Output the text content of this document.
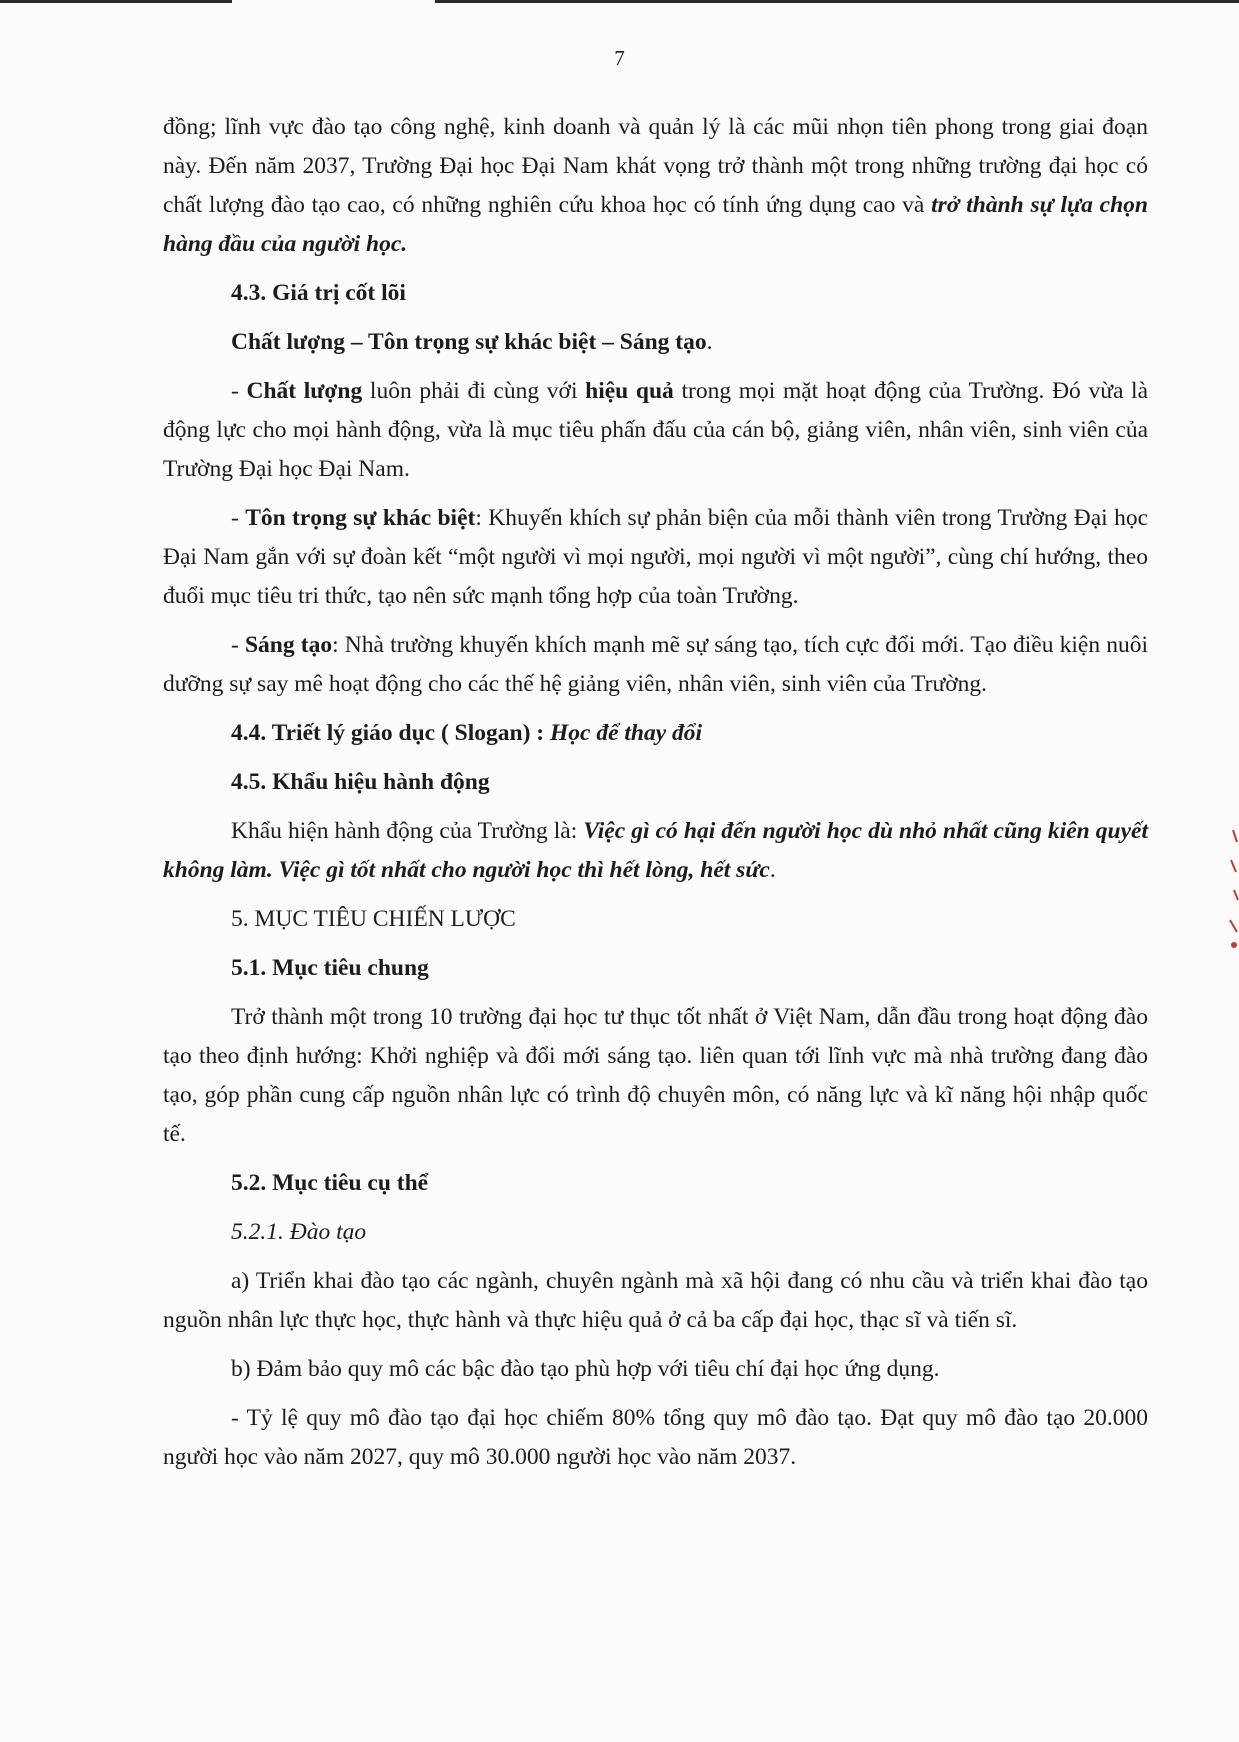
7

đồng; lĩnh vực đào tạo công nghệ, kinh doanh và quản lý là các mũi nhọn tiên phong trong giai đoạn này. Đến năm 2037, Trường Đại học Đại Nam khát vọng trở thành một trong những trường đại học có chất lượng đào tạo cao, có những nghiên cứu khoa học có tính ứng dụng cao và trở thành sự lựa chọn hàng đầu của người học.

4.3. Giá trị cốt lõi

Chất lượng – Tôn trọng sự khác biệt – Sáng tạo.

- Chất lượng luôn phải đi cùng với hiệu quả trong mọi mặt hoạt động của Trường. Đó vừa là động lực cho mọi hành động, vừa là mục tiêu phấn đấu của cán bộ, giảng viên, nhân viên, sinh viên của Trường Đại học Đại Nam.

- Tôn trọng sự khác biệt: Khuyến khích sự phản biện của mỗi thành viên trong Trường Đại học Đại Nam gắn với sự đoàn kết “một người vì mọi người, mọi người vì một người”, cùng chí hướng, theo đuổi mục tiêu tri thức, tạo nên sức mạnh tổng hợp của toàn Trường.

- Sáng tạo: Nhà trường khuyến khích mạnh mẽ sự sáng tạo, tích cực đổi mới. Tạo điều kiện nuôi dưỡng sự say mê hoạt động cho các thế hệ giảng viên, nhân viên, sinh viên của Trường.

4.4. Triết lý giáo dục ( Slogan) : Học để thay đổi

4.5. Khẩu hiệu hành động

Khẩu hiện hành động của Trường là: Việc gì có hại đến người học dù nhỏ nhất cũng kiên quyết không làm. Việc gì tốt nhất cho người học thì hết lòng, hết sức.

5. MỤC TIÊU CHIẾN LƯỢC

5.1. Mục tiêu chung

Trở thành một trong 10 trường đại học tư thục tốt nhất ở Việt Nam, dẫn đầu trong hoạt động đào tạo theo định hướng: Khởi nghiệp và đổi mới sáng tạo. liên quan tới lĩnh vực mà nhà trường đang đào tạo, góp phần cung cấp nguồn nhân lực có trình độ chuyên môn, có năng lực và kĩ năng hội nhập quốc tế.

5.2. Mục tiêu cụ thể

5.2.1. Đào tạo

a) Triển khai đào tạo các ngành, chuyên ngành mà xã hội đang có nhu cầu và triển khai đào tạo nguồn nhân lực thực học, thực hành và thực hiệu quả ở cả ba cấp đại học, thạc sĩ và tiến sĩ.

b) Đảm bảo quy mô các bậc đào tạo phù hợp với tiêu chí đại học ứng dụng.

- Tỷ lệ quy mô đào tạo đại học chiếm 80% tổng quy mô đào tạo. Đạt quy mô đào tạo 20.000 người học vào năm 2027, quy mô 30.000 người học vào năm 2037.
